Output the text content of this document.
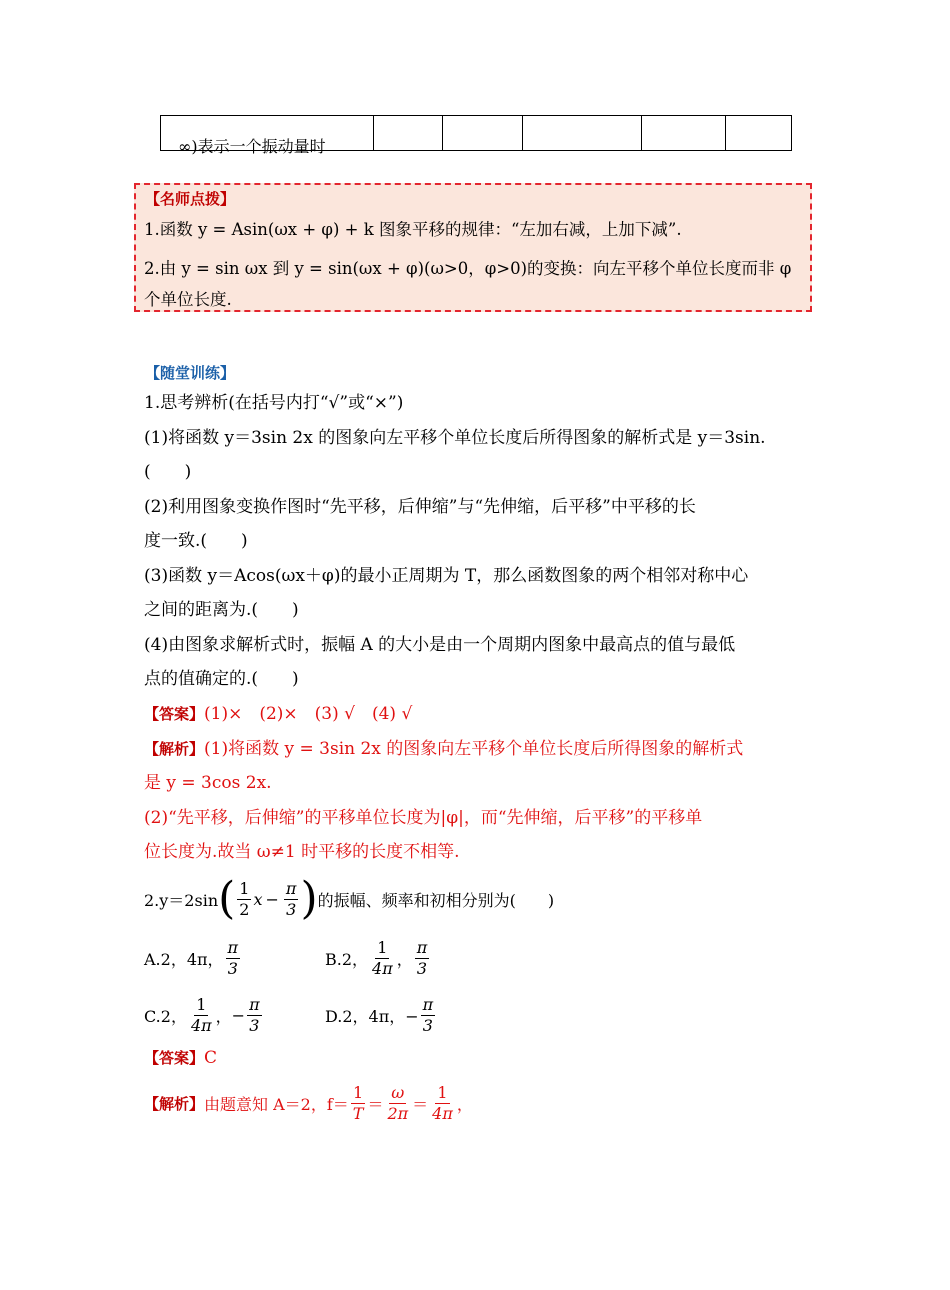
∞)表示一个振动量时
【名师点拨】
1.函数 y = Asin(ωx + φ) + k 图象平移的规律：“左加右减，上加下减”.
2.由 y = sin ωx 到 y = sin(ωx + φ)(ω>0，φ>0)的变换：向左平移个单位长度而非 φ
个单位长度.
【随堂训练】
1.思考辨析(在括号内打“√”或“×”)
(1)将函数 y＝3sin 2x 的图象向左平移个单位长度后所得图象的解析式是 y＝3sin.
(　　)
(2)利用图象变换作图时“先平移，后伸缩”与“先伸缩，后平移”中平移的长
度一致.(　　)
(3)函数 y＝Acos(ωx＋φ)的最小正周期为 T，那么函数图象的两个相邻对称中心
之间的距离为.(　　)
(4)由图象求解析式时，振幅 A 的大小是由一个周期内图象中最高点的值与最低
点的值确定的.(　　)
【答案】(1)×　(2)×　(3) √　(4) √
【解析】(1)将函数 y = 3sin 2x 的图象向左平移个单位长度后所得图象的解析式
是 y = 3cos 2x.
(2)“先平移，后伸缩”的平移单位长度为|φ|，而“先伸缩，后平移”的平移单
位长度为.故当 ω≠1 时平移的长度不相等.
2.y＝2sin ( $\frac{1}{2}$ $x - \frac{\pi}{3}$ ) 的振幅、频率和初相分别为(　　)
A.2，4π， $\frac{\pi}{3}$	B.2， $\frac{1}{4\pi}$ ， $\frac{\pi}{3}$
C.2， $\frac{1}{4\pi}$ ， − $\frac{\pi}{3}$	D.2，4π，− $\frac{\pi}{3}$
【答案】C
【解析】 由题意知 A＝2，$f= \frac{1}{T} = \frac{\omega}{2\pi} = \frac{1}{4\pi}$ ，
